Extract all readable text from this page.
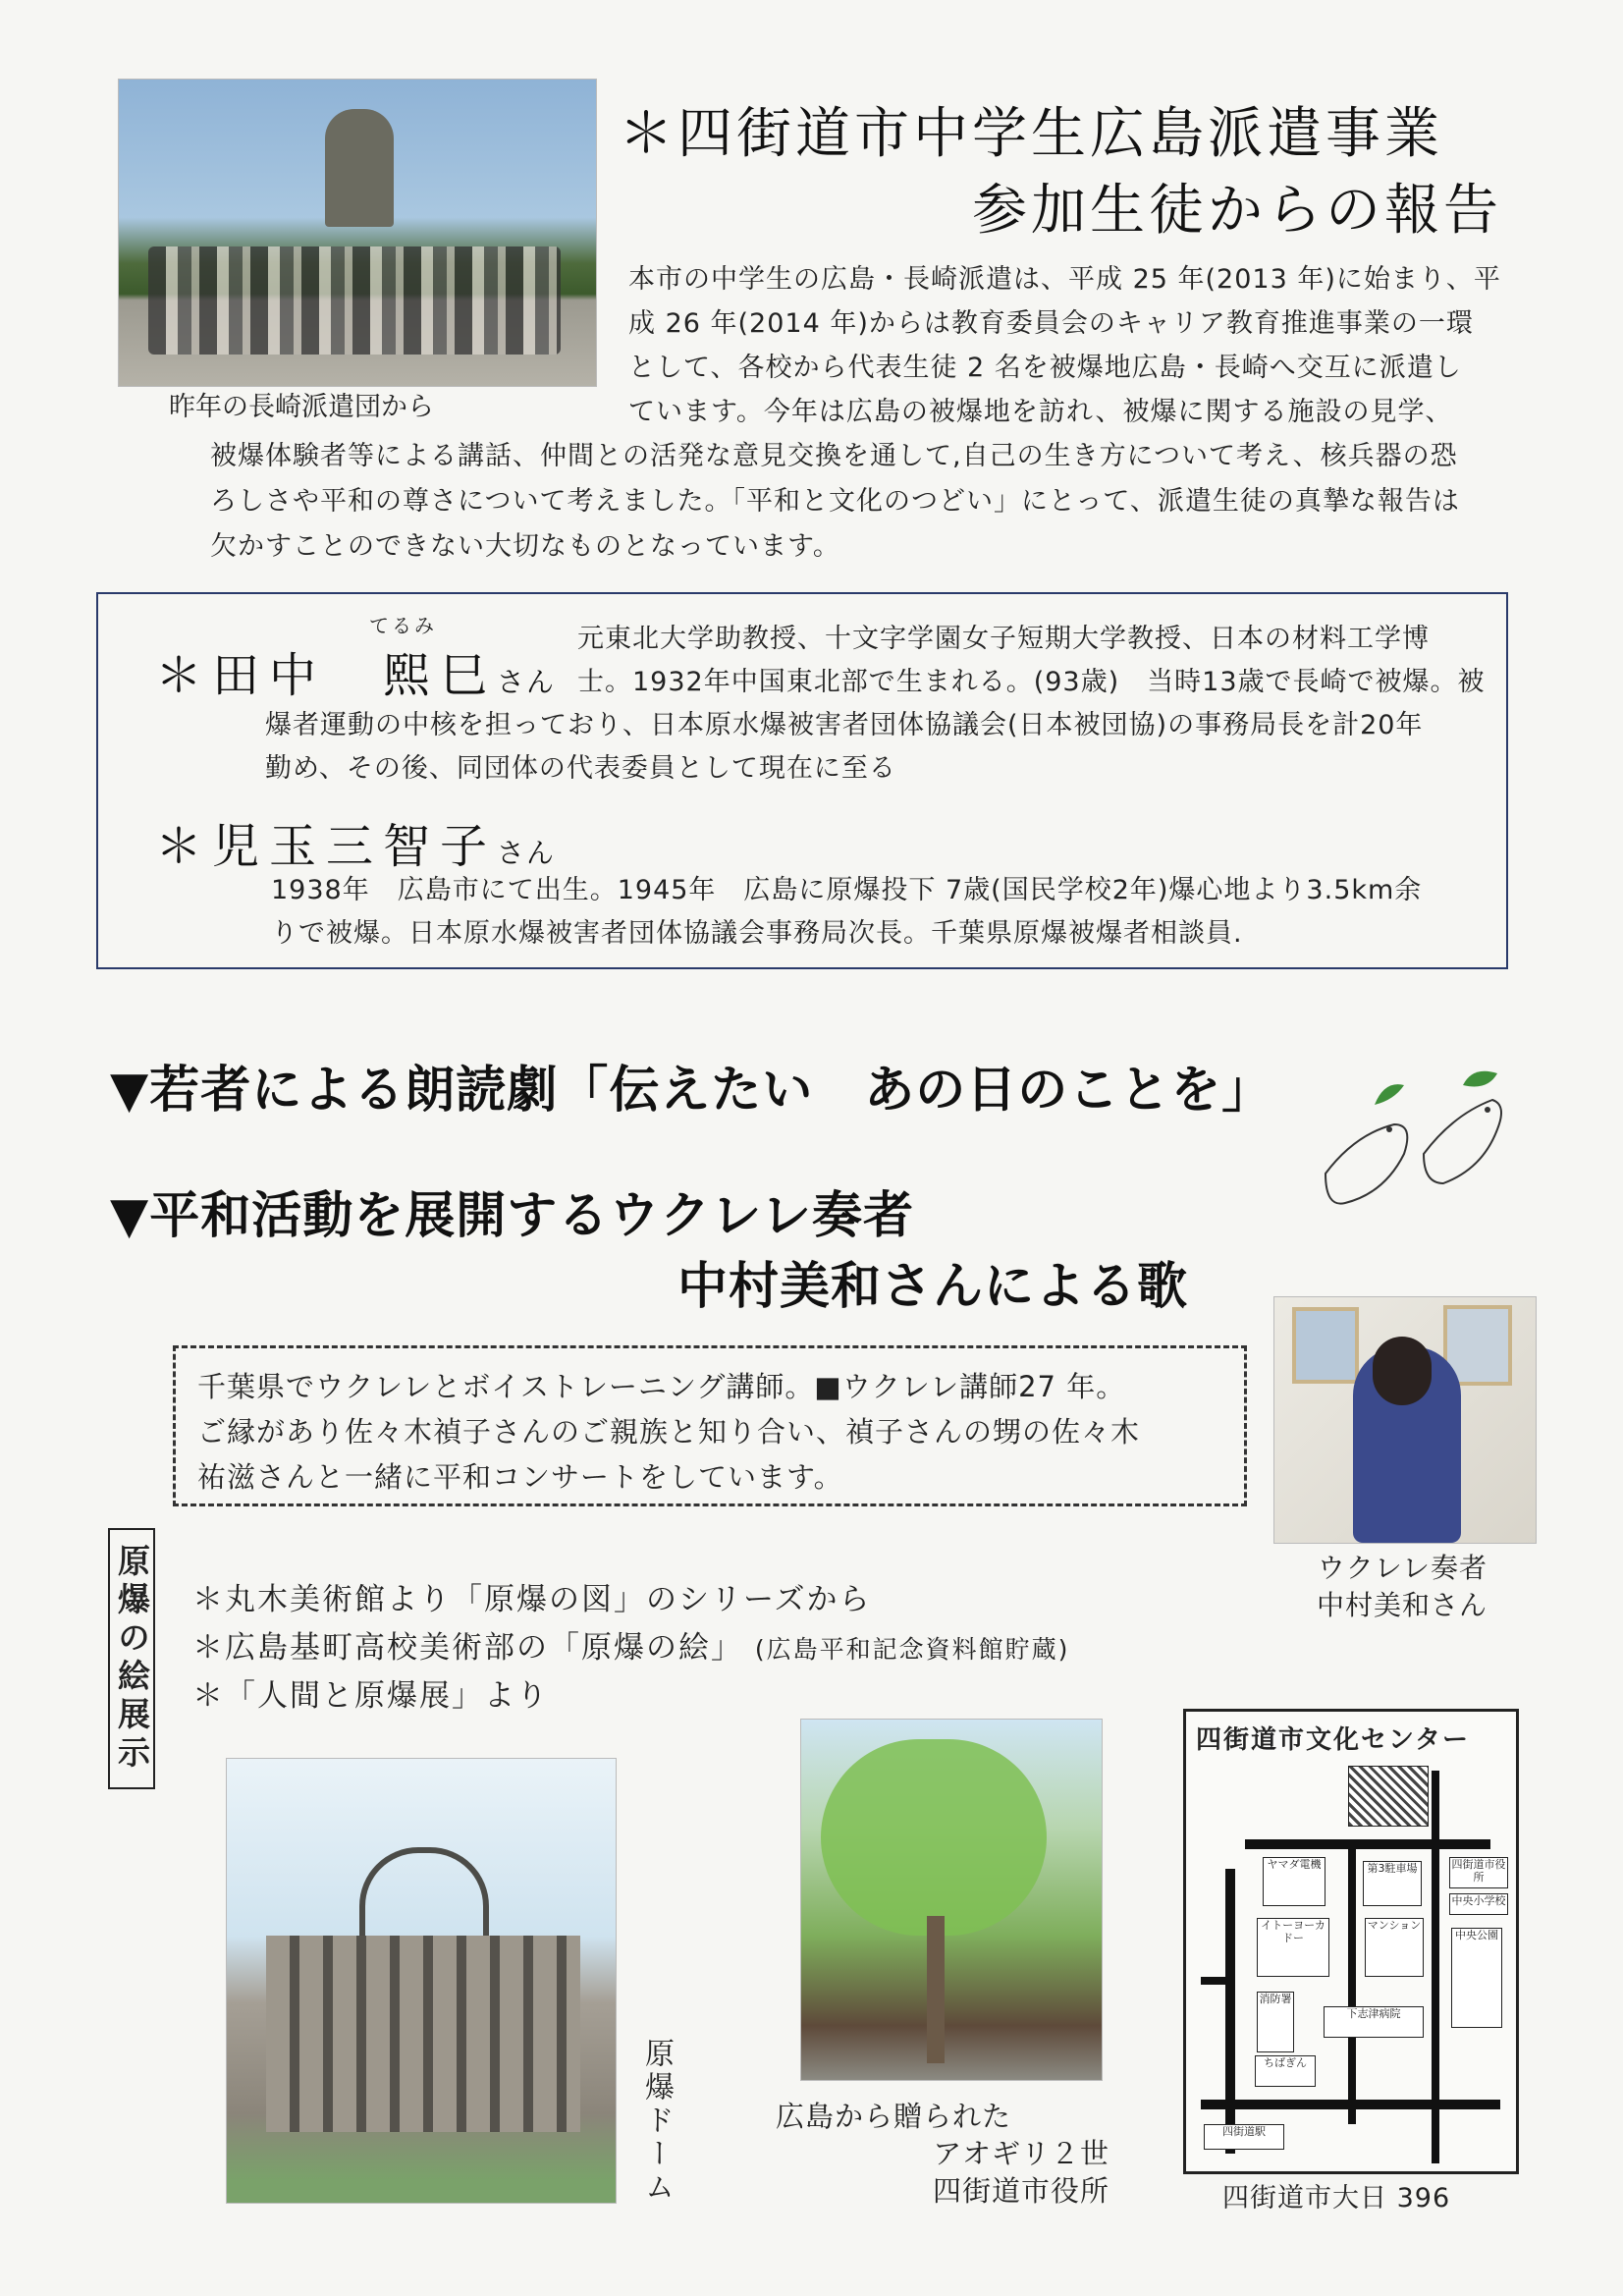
昨年の長崎派遣団から
＊四街道市中学生広島派遣事業
参加生徒からの報告
本市の中学生の広島・長崎派遣は、平成 25 年(2013 年)に始まり、平
成 26 年(2014 年)からは教育委員会のキャリア教育推進事業の一環
として、各校から代表生徒 2 名を被爆地広島・長崎へ交互に派遣し
ています。今年は広島の被爆地を訪れ、被爆に関する施設の見学、
被爆体験者等による講話、仲間との活発な意見交換を通して,自己の生き方について考え、核兵器の恐
ろしさや平和の尊さについて考えました。「平和と文化のつどい」にとって、派遣生徒の真摯な報告は
欠かすことのできない大切なものとなっています。
てるみ
＊田中　熙巳さん
元東北大学助教授、十文字学園女子短期大学教授、日本の材料工学博
士。1932年中国東北部で生まれる。(93歳)　当時13歳で長崎で被爆。被
爆者運動の中核を担っており、日本原水爆被害者団体協議会(日本被団協)の事務局長を計20年
勤め、その後、同団体の代表委員として現在に至る
＊児玉三智子さん
1938年　広島市にて出生。1945年　広島に原爆投下 7歳(国民学校2年)爆心地より3.5km余
りで被爆。日本原水爆被害者団体協議会事務局次長。千葉県原爆被爆者相談員.
▼若者による朗読劇「伝えたい　あの日のことを」
▼平和活動を展開するウクレレ奏者
中村美和さんによる歌
千葉県でウクレレとボイストレーニング講師。■ウクレレ講師27 年。
ご縁があり佐々木禎子さんのご親族と知り合い、禎子さんの甥の佐々木
祐滋さんと一緒に平和コンサートをしています。
ウクレレ奏者
中村美和さん
原爆の絵展示 ＊丸木美術館より「原爆の図」のシリーズから
＊広島基町高校美術部の「原爆の絵」 (広島平和記念資料館貯蔵)
＊「人間と原爆展」より
原爆ドーム	広島から贈られた
アオギリ２世
四街道市役所
四街道市文化センター
ヤマダ電機	第3駐車場	四街道市役所
中央小学校
イトーヨーカドー
マンション
中央公園
消防署
下志津病院
ちばぎん
四街道駅
四街道市大日 396
